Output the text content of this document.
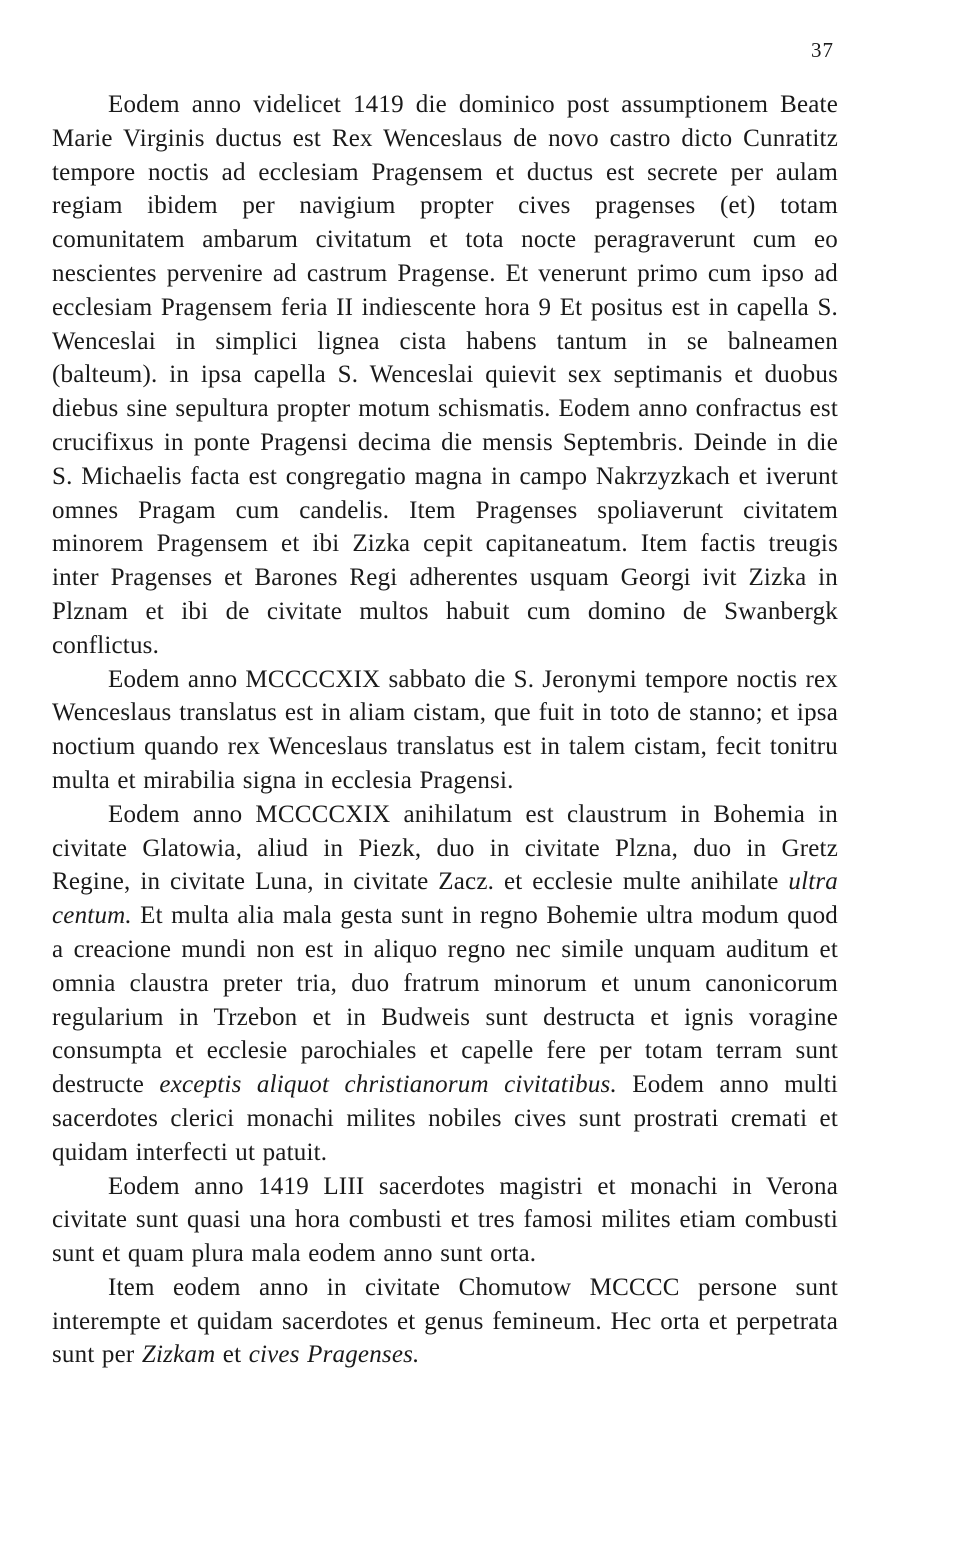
37

Eodem anno videlicet 1419 die dominico post assumptionem Beate Marie Virginis ductus est Rex Wenceslaus de novo castro dicto Cunratitz tempore noctis ad ecclesiam Pragensem et ductus est secrete per aulam regiam ibidem per navigium propter cives pragenses (et) totam comunitatem ambarum civitatum et tota nocte peragraverunt cum eo nescientes pervenire ad castrum Pragense. Et venerunt primo cum ipso ad ecclesiam Pragensem feria II indiescente hora 9 Et positus est in capella S. Wenceslai in simplici lignea cista habens tantum in se balneamen (balteum). in ipsa capella S. Wenceslai quievit sex septimanis et duobus diebus sine sepultura propter motum schismatis. Eodem anno confractus est crucifixus in ponte Pragensi decima die mensis Septembris. Deinde in die S. Michaelis facta est congregatio magna in campo Nakrzyzkach et iverunt omnes Pragam cum candelis. Item Pragenses spoliaverunt civitatem minorem Pragensem et ibi Zizka cepit capitaneatum. Item factis treugis inter Pragenses et Barones Regi adherentes usquam Georgi ivit Zizka in Plznam et ibi de civitate multos habuit cum domino de Swanbergk conflictus.

Eodem anno MCCCCXIX sabbato die S. Jeronymi tempore noctis rex Wenceslaus translatus est in aliam cistam, que fuit in toto de stanno; et ipsa noctium quando rex Wenceslaus translatus est in talem cistam, fecit tonitru multa et mirabilia signa in ecclesia Pragensi.

Eodem anno MCCCCXIX anihilatum est claustrum in Bohemia in civitate Glatowia, aliud in Piezk, duo in civitate Plzna, duo in Gretz Regine, in civitate Luna, in civitate Zacz. et ecclesie multe anihilate ultra centum. Et multa alia mala gesta sunt in regno Bohemie ultra modum quod a creacione mundi non est in aliquo regno nec simile unquam auditum et omnia claustra preter tria, duo fratrum minorum et unum canonicorum regularium in Trzebon et in Budweis sunt destructa et ignis voragine consumpta et ecclesie parochiales et capelle fere per totam terram sunt destructe exceptis aliquot christianorum civitatibus. Eodem anno multi sacerdotes clerici monachi milites nobiles cives sunt prostrati cremati et quidam interfecti ut patuit.

Eodem anno 1419 LIII sacerdotes magistri et monachi in Verona civitate sunt quasi una hora combusti et tres famosi milites etiam combusti sunt et quam plura mala eodem anno sunt orta.

Item eodem anno in civitate Chomutow MCCCC persone sunt interempte et quidam sacerdotes et genus femineum. Hec orta et perpetrata sunt per Zizkam et cives Pragenses.
